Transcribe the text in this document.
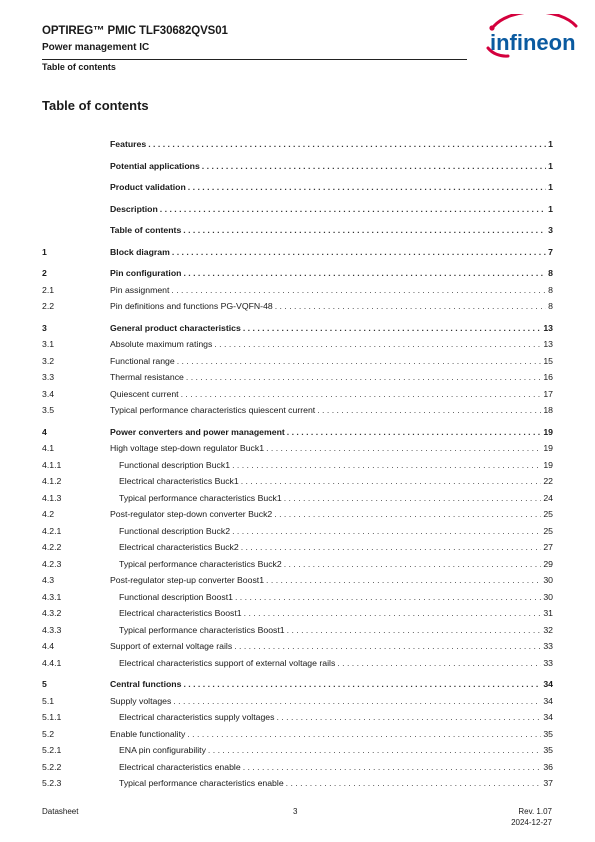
OPTIREG™ PMIC TLF30682QVS01
Power management IC
Table of contents
infineon
Table of contents
Features . . .	1
Potential applications . . .	1
Product validation . . .	1
Description . . .	1
Table of contents . . .	3
1	Block diagram . . .	7
2	Pin configuration . . .	8
2.1	Pin assignment . . .	8
2.2	Pin definitions and functions PG-VQFN-48 . . .	8
3	General product characteristics . . .	13
3.1	Absolute maximum ratings . . .	13
3.2	Functional range . . .	15
3.3	Thermal resistance . . .	16
3.4	Quiescent current . . .	17
3.5	Typical performance characteristics quiescent current . . .	18
4	Power converters and power management . . .	19
4.1	High voltage step-down regulator Buck1 . . .	19
4.1.1	Functional description Buck1 . . .	19
4.1.2	Electrical characteristics Buck1 . . .	22
4.1.3	Typical performance characteristics Buck1 . . .	24
4.2	Post-regulator step-down converter Buck2 . . .	25
4.2.1	Functional description Buck2 . . .	25
4.2.2	Electrical characteristics Buck2 . . .	27
4.2.3	Typical performance characteristics Buck2 . . .	29
4.3	Post-regulator step-up converter Boost1 . . .	30
4.3.1	Functional description Boost1 . . .	30
4.3.2	Electrical characteristics Boost1 . . .	31
4.3.3	Typical performance characteristics Boost1 . . .	32
4.4	Support of external voltage rails . . .	33
4.4.1	Electrical characteristics support of external voltage rails . . .	33
5	Central functions . . .	34
5.1	Supply voltages . . .	34
5.1.1	Electrical characteristics supply voltages . . .	34
5.2	Enable functionality . . .	35
5.2.1	ENA pin configurability . . .	35
5.2.2	Electrical characteristics enable . . .	36
5.2.3	Typical performance characteristics enable . . .	37
Datasheet	3	Rev. 1.07
2024-12-27
